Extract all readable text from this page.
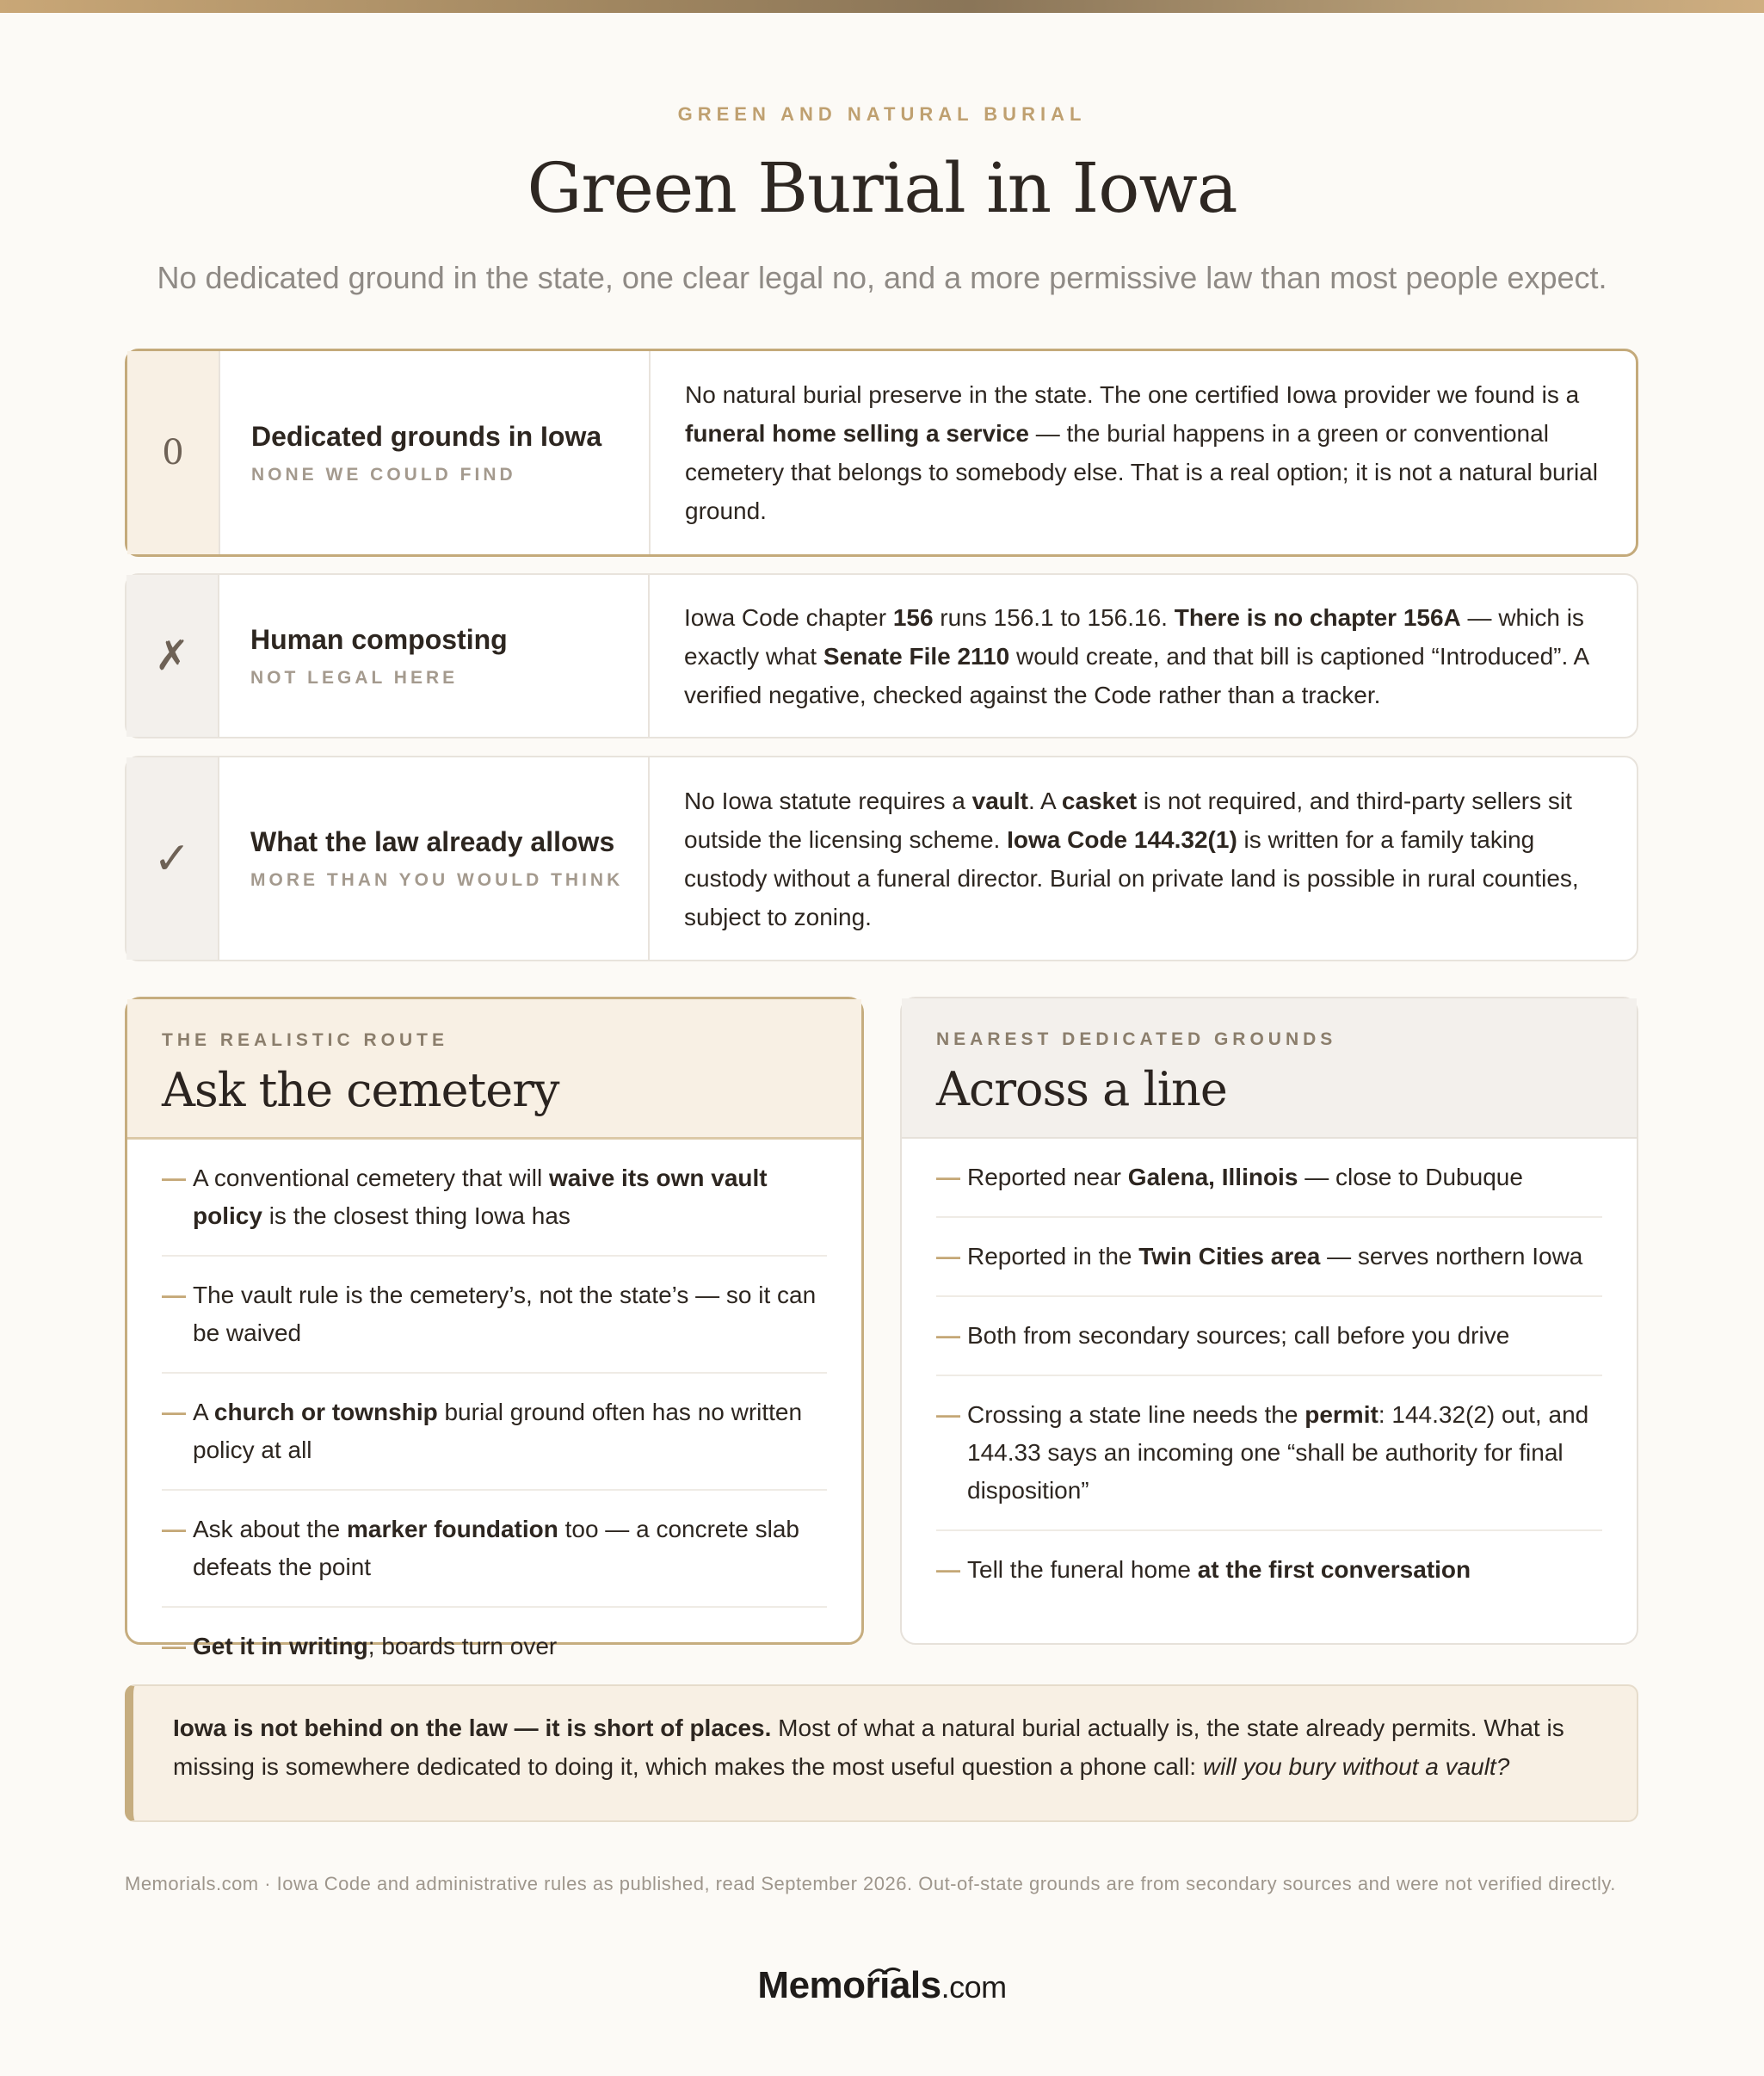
GREEN AND NATURAL BURIAL
Green Burial in Iowa
No dedicated ground in the state, one clear legal no, and a more permissive law than most people expect.
0	Dedicated grounds in Iowa
NONE WE COULD FIND

No natural burial preserve in the state. The one certified Iowa provider we found is a funeral home selling a service — the burial happens in a green or conventional cemetery that belongs to somebody else. That is a real option; it is not a natural burial ground.

✗	Human composting
NOT LEGAL HERE

Iowa Code chapter 156 runs 156.1 to 156.16. There is no chapter 156A — which is exactly what Senate File 2110 would create, and that bill is captioned “Introduced”. A verified negative, checked against the Code rather than a tracker.

✓	What the law already allows
MORE THAN YOU WOULD THINK

No Iowa statute requires a vault. A casket is not required, and third-party sellers sit outside the licensing scheme. Iowa Code 144.32(1) is written for a family taking custody without a funeral director. Burial on private land is possible in rural counties, subject to zoning.

THE REALISTIC ROUTE
Ask the cemetery
— A conventional cemetery that will waive its own vault policy is the closest thing Iowa has
— The vault rule is the cemetery’s, not the state’s — so it can be waived
— A church or township burial ground often has no written policy at all
— Ask about the marker foundation too — a concrete slab defeats the point
— Get it in writing; boards turn over
NEAREST DEDICATED GROUNDS
Across a line
— Reported near Galena, Illinois — close to Dubuque
— Reported in the Twin Cities area — serves northern Iowa
— Both from secondary sources; call before you drive
— Crossing a state line needs the permit: 144.32(2) out, and 144.33 says an incoming one “shall be authority for final disposition”
— Tell the funeral home at the first conversation

Iowa is not behind on the law — it is short of places. Most of what a natural burial actually is, the state already permits. What is missing is somewhere dedicated to doing it, which makes the most useful question a phone call: will you bury without a vault?

Memorials.com · Iowa Code and administrative rules as published, read September 2026. Out-of-state grounds are from secondary sources and were not verified directly.
Memorials.com
